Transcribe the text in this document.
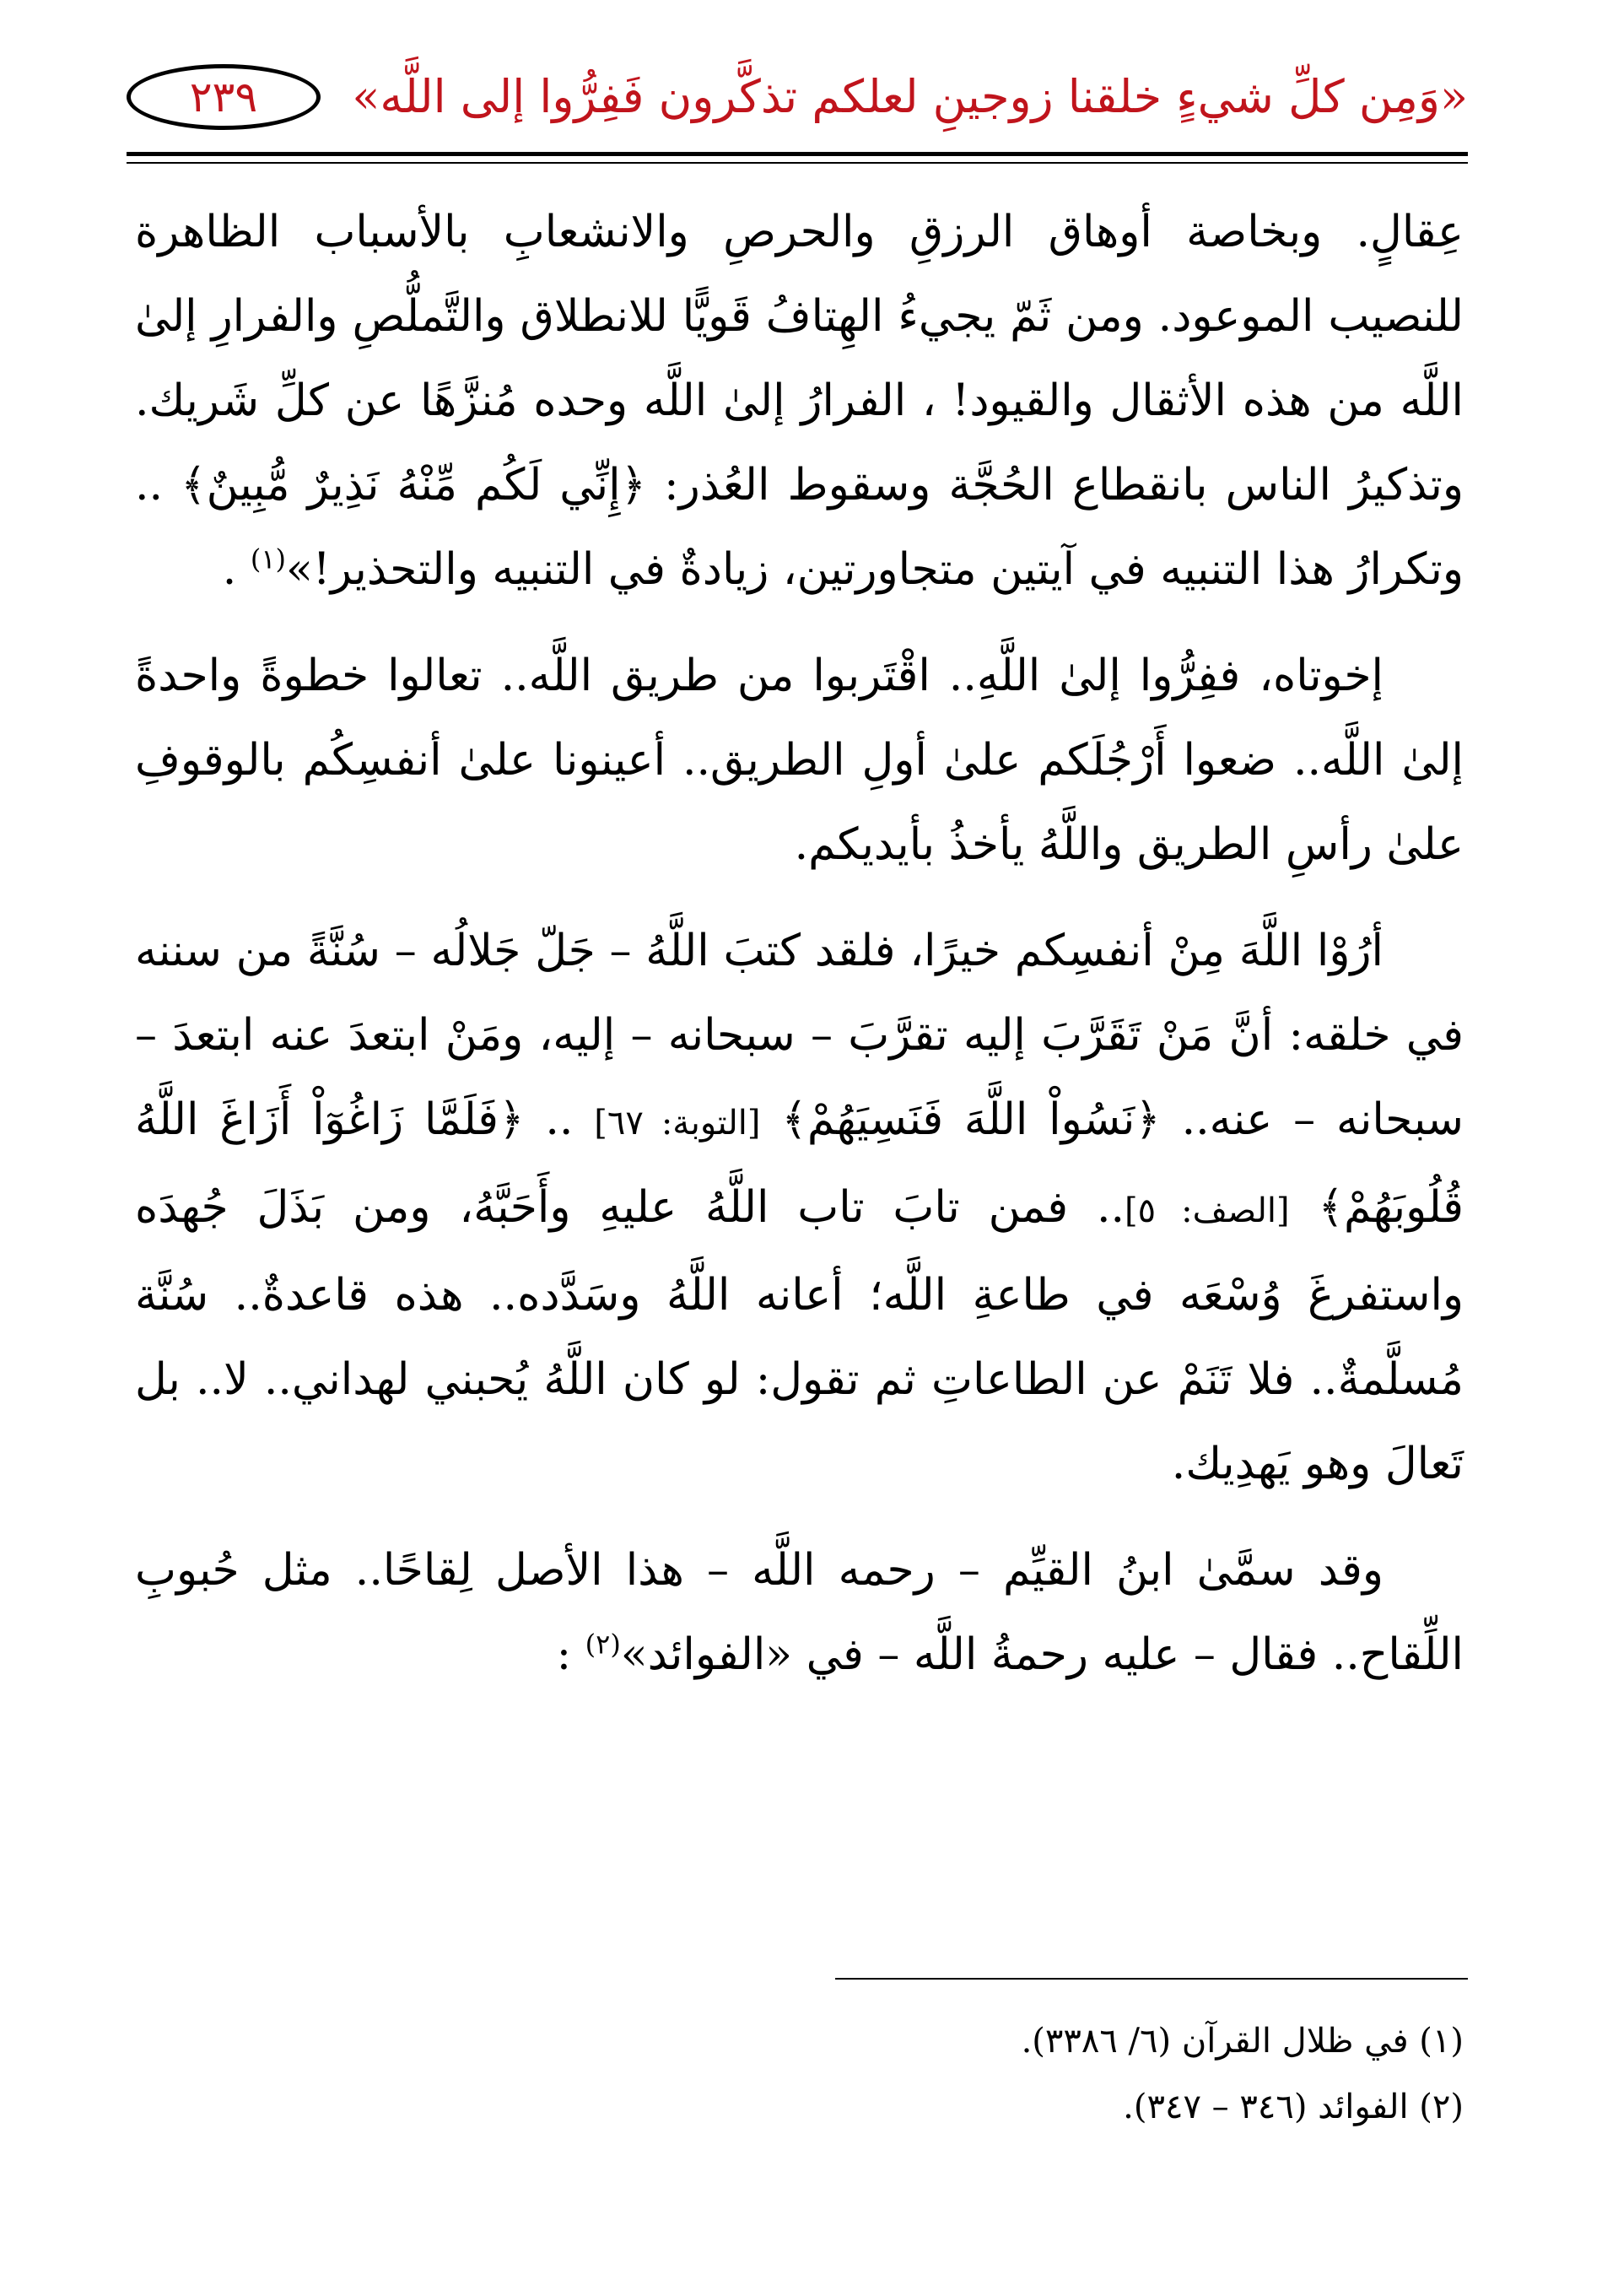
«وَمِن كلِّ شيءٍ خلقنا زوجينِ لعلكم تذكَّرون فَفِرُّوا إلى اللَّه»
٢٣٩

عِقالٍ. وبخاصة أوهاق الرزقِ والحرصِ والانشعابِ بالأسباب الظاهرة للنصيب الموعود. ومن ثَمّ يجيءُ الهِتافُ قَويًّا للانطلاق والتَّملُّصِ والفرارِ إلىٰ اللَّه من هذه الأثقال والقيود! ، الفرارُ إلىٰ اللَّه وحده مُنزَّهًا عن كلِّ شَريك. وتذكيرُ الناس بانقطاع الحُجَّة وسقوط العُذر: ﴿إِنِّي لَكُم مِّنْهُ نَذِيرٌ مُّبِينٌ﴾ .. وتكرارُ هذا التنبيه في آيتين متجاورتين، زيادةٌ في التنبيه والتحذير!»$^{(١)}$ .

إخوتاه، ففِرُّوا إلىٰ اللَّهِ.. اقْتَربوا من طريق اللَّه.. تعالوا خطوةً واحدةً إلىٰ اللَّه.. ضعوا أَرْجُلَكم علىٰ أولِ الطريق.. أعينونا علىٰ أنفسِكُم بالوقوفِ علىٰ رأسِ الطريق واللَّهُ يأخذُ بأيديكم.

أرُوْا اللَّهَ مِنْ أنفسِكم خيرًا، فلقد كتبَ اللَّهُ – جَلّ جَلالُه – سُنَّةً من سننه في خلقه: أنَّ مَنْ تَقَرَّبَ إليه تقرَّبَ – سبحانه – إليه، ومَنْ ابتعدَ عنه ابتعدَ – سبحانه – عنه.. ﴿نَسُواْ اللَّهَ فَنَسِيَهُمْ﴾ [التوبة: ٦٧] .. ﴿فَلَمَّا زَاغُوٓاْ أَزَاغَ اللَّهُ قُلُوبَهُمْ﴾ [الصف: ٥].. فمن تابَ تاب اللَّهُ عليهِ وأَحَبَّهُ، ومن بَذَلَ جُهدَه واستفرغَ وُسْعَه في طاعةِ اللَّه؛ أعانه اللَّهُ وسَدَّده.. هذه قاعدةٌ.. سُنَّة مُسلَّمةٌ.. فلا تَنَمْ عن الطاعاتِ ثم تقول: لو كان اللَّهُ يُحبني لهداني.. لا.. بل تَعالَ وهو يَهدِيك.

وقد سمَّىٰ ابنُ القيِّم – رحمه اللَّه – هذا الأصل لِقاحًا.. مثل حُبوبِ اللِّقاح.. فقال – عليه رحمةُ اللَّه – في «الفوائد»$^{(٢)}$ :

(١) في ظلال القرآن (٦/ ٣٣٨٦).
(٢) الفوائد (٣٤٦ – ٣٤٧).
